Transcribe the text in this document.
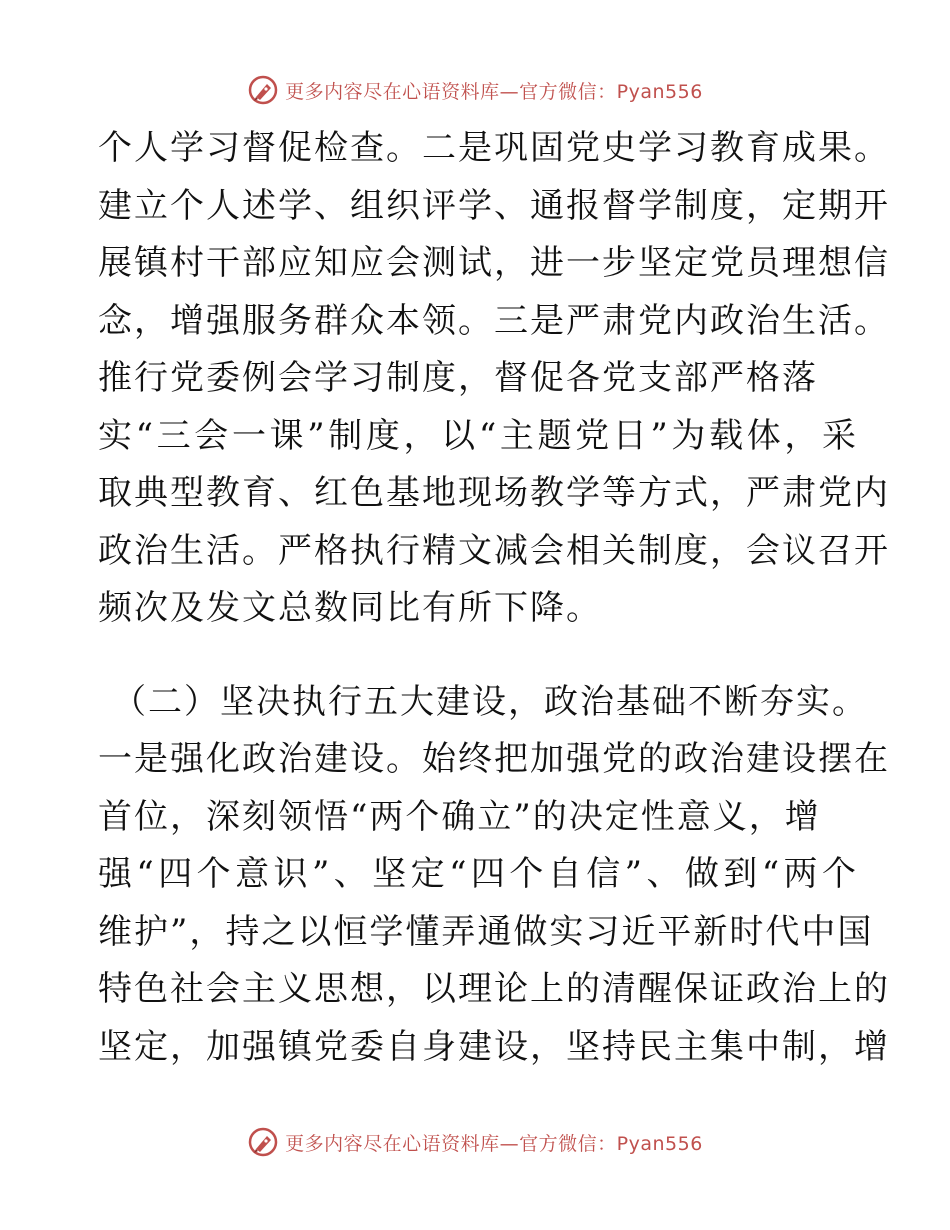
更多内容尽在心语资料库—官方微信：Pyan556
个人学习督促检查。二是巩固党史学习教育成果。
建立个人述学、组织评学、通报督学制度，定期开
展镇村干部应知应会测试，进一步坚定党员理想信
念，增强服务群众本领。三是严肃党内政治生活。
推行党委例会学习制度，督促各党支部严格落
实“三会一课”制度，以“主题党日”为载体，采
取典型教育、红色基地现场教学等方式，严肃党内
政治生活。严格执行精文减会相关制度，会议召开
频次及发文总数同比有所下降。
（二）坚决执行五大建设，政治基础不断夯实。
一是强化政治建设。始终把加强党的政治建设摆在
首位，深刻领悟“两个确立”的决定性意义，增
强“四个意识”、坚定“四个自信”、做到“两个
维护”，持之以恒学懂弄通做实习近平新时代中国
特色社会主义思想，以理论上的清醒保证政治上的
坚定，加强镇党委自身建设，坚持民主集中制，增
更多内容尽在心语资料库—官方微信：Pyan556
